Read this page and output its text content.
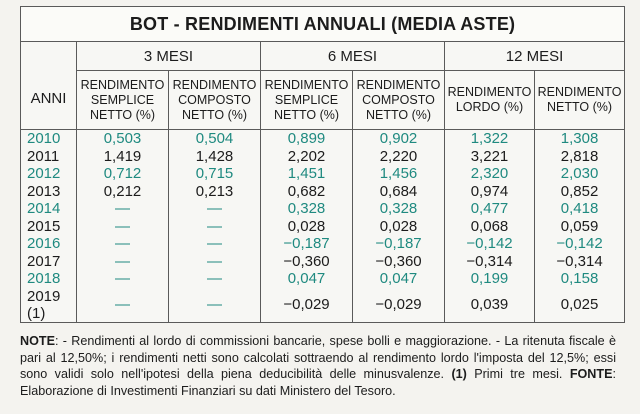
BOT - RENDIMENTI ANNUALI (MEDIA ASTE)						
ANNI	3 MESI		6 MESI		12 MESI	
	RENDIMENTO SEMPLICE NETTO (%)	RENDIMENTO COMPOSTO NETTO (%)	RENDIMENTO SEMPLICE NETTO (%)	RENDIMENTO COMPOSTO NETTO (%)	RENDIMENTO LORDO (%)	RENDIMENTO NETTO (%)
2010	0,503	0,504	0,899	0,902	1,322	1,308
2011	1,419	1,428	2,202	2,220	3,221	2,818
2012	0,712	0,715	1,451	1,456	2,320	2,030
2013	0,212	0,213	0,682	0,684	0,974	0,852
2014	—	—	0,328	0,328	0,477	0,418
2015	—	—	0,028	0,028	0,068	0,059
2016	—	—	−0,187	−0,187	−0,142	−0,142
2017	—	—	−0,360	−0,360	−0,314	−0,314
2018	—	—	0,047	0,047	0,199	0,158
2019 (1)	—	—	−0,029	−0,029	0,039	0,025
NOTE: - Rendimenti al lordo di commissioni bancarie, spese bolli e maggiorazione. - La ritenuta fiscale è pari al 12,50%; i rendimenti netti sono calcolati sottraendo al rendimento lordo l'imposta del 12,5%; essi sono validi solo nell'ipotesi della piena deducibilità delle minusvalenze. (1) Primi tre mesi. FONTE: Elaborazione di Investimenti Finanziari su dati Ministero del Tesoro.
